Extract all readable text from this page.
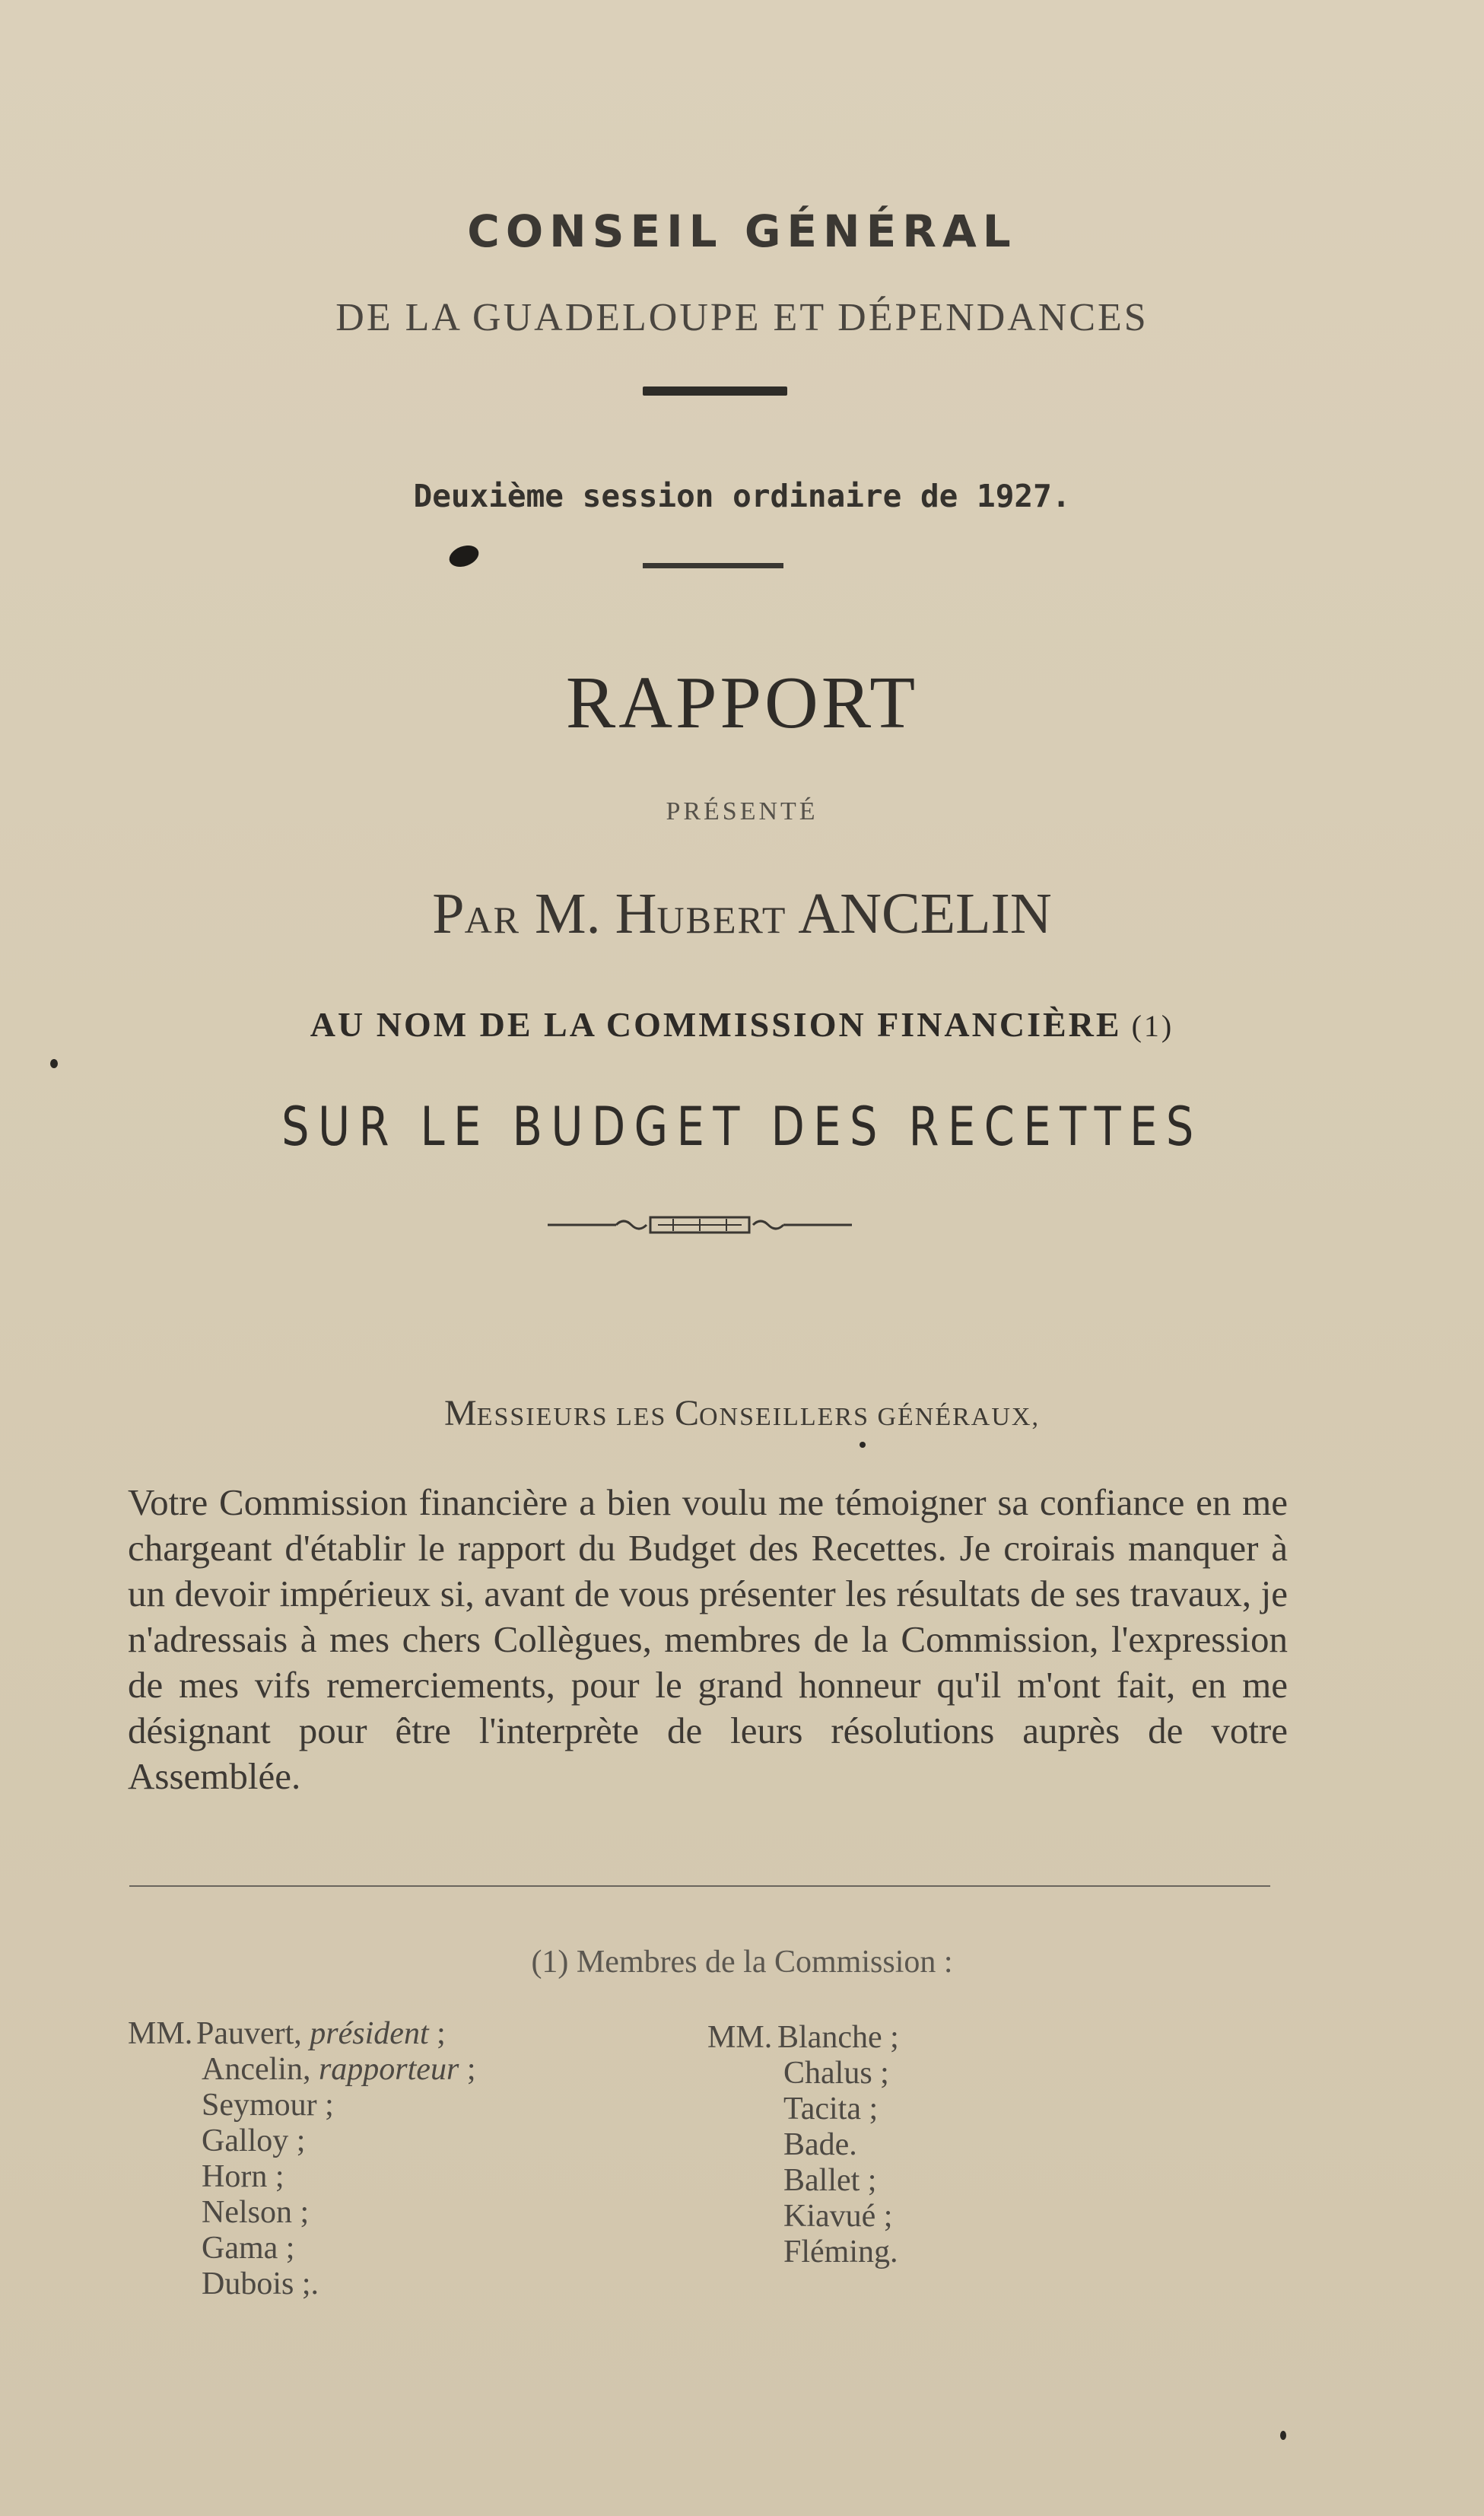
CONSEIL GÉNÉRAL
DE LA GUADELOUPE ET DÉPENDANCES
Deuxième session ordinaire de 1927.
RAPPORT
PRÉSENTÉ
PAR M. HUBERT ANCELIN
AU NOM DE LA COMMISSION FINANCIÈRE (1)
SUR LE BUDGET DES RECETTES
MESSIEURS LES CONSEILLERS GÉNÉRAUX,
Votre Commission financière a bien voulu me témoigner sa confiance en me chargeant d'établir le rapport du Budget des Recettes. Je croirais manquer à un devoir impérieux si, avant de vous présenter les résultats de ses travaux, je n'adressais à mes chers Collègues, membres de la Commission, l'expression de mes vifs remerciements, pour le grand honneur qu'il m'ont fait, en me désignant pour être l'interprète de leurs résolutions auprès de votre Assemblée.
(1) Membres de la Commission :
MM. Pauvert, président ;
Ancelin, rapporteur ;
Seymour ;
Galloy ;
Horn ;
Nelson ;
Gama ;
Dubois ;.
MM. Blanche ;
Chalus ;
Tacita ;
Bade.
Ballet ;
Kiavué ;
Fléming.
